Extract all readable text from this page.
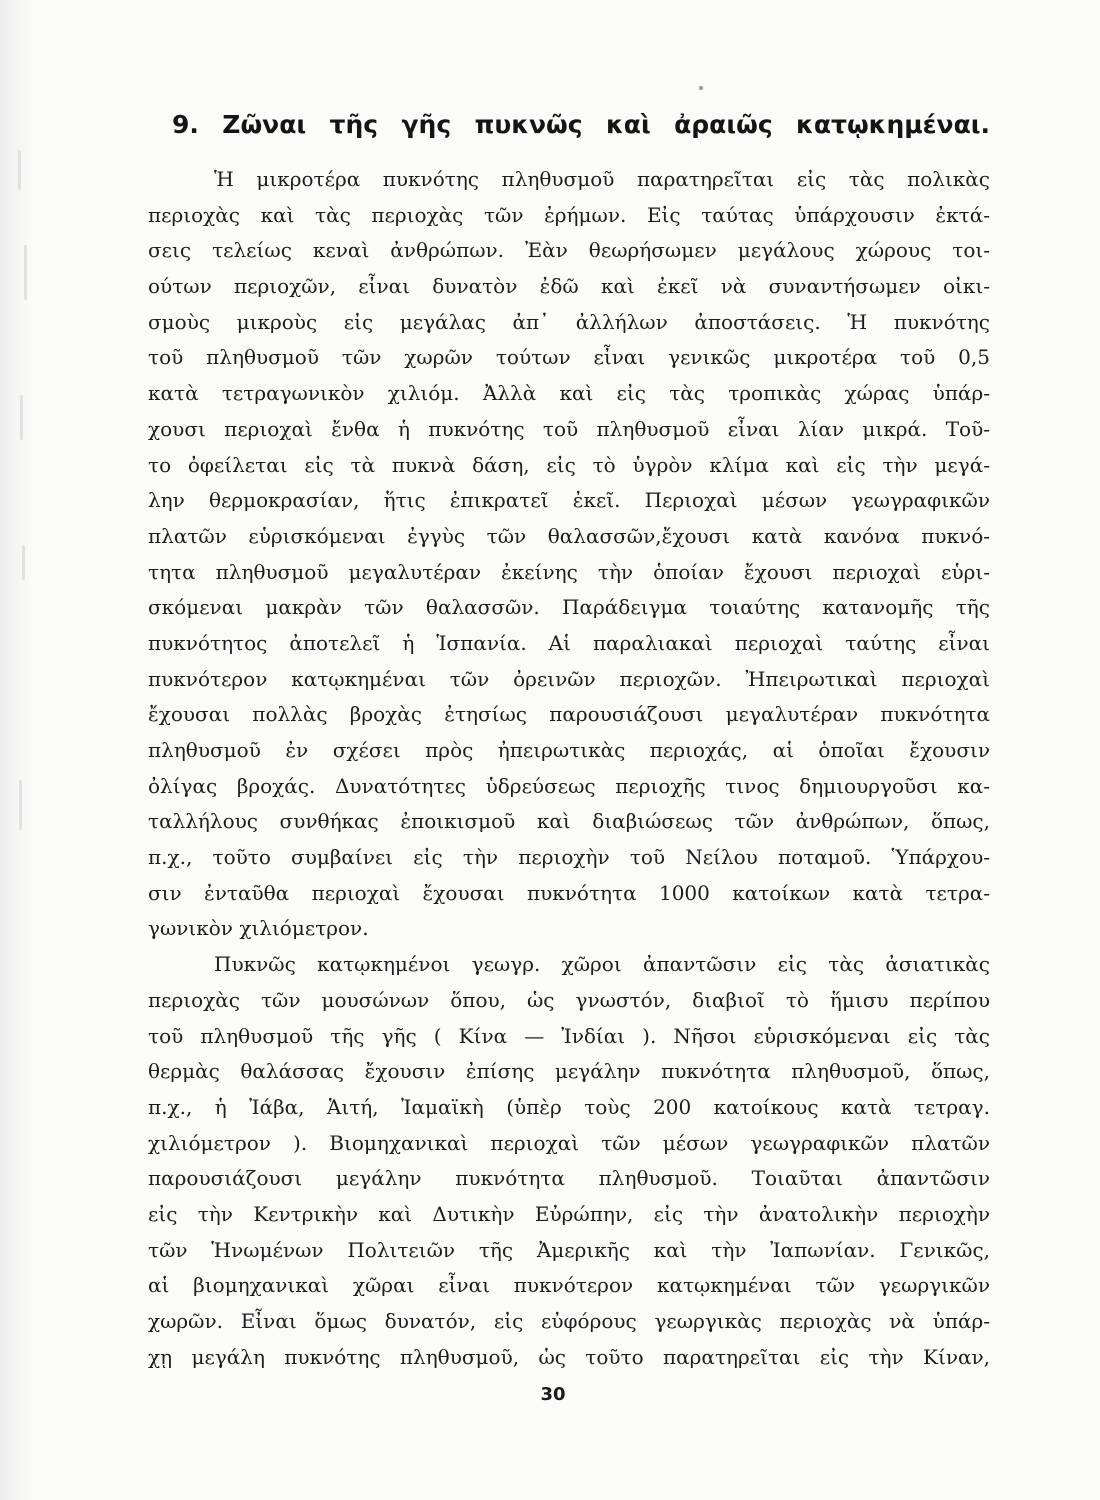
9. Ζῶναι τῆς γῆς πυκνῶς καὶ ἀραιῶς κατῳκημέναι.
Ἡ μικροτέρα πυκνότης πληθυσμοῦ παρατηρεῖται εἰς τὰς πολικὰς
περιοχὰς καὶ τὰς περιοχὰς τῶν ἐρήμων. Εἰς ταύτας ὑπάρχουσιν ἐκτά-
σεις τελείως κεναὶ ἀνθρώπων. Ἐὰν θεωρήσωμεν μεγάλους χώρους τοι-
ούτων περιοχῶν, εἶναι δυνατὸν ἐδῶ καὶ ἐκεῖ νὰ συναντήσωμεν οἰκι-
σμοὺς μικροὺς εἰς μεγάλας ἀπ᾽ ἀλλήλων ἀποστάσεις. Ἡ πυκνότης
τοῦ πληθυσμοῦ τῶν χωρῶν τούτων εἶναι γενικῶς μικροτέρα τοῦ 0,5
κατὰ τετραγωνικὸν χιλιόμ. Ἀλλὰ καὶ εἰς τὰς τροπικὰς χώρας ὑπάρ-
χουσι περιοχαὶ ἔνθα ἡ πυκνότης τοῦ πληθυσμοῦ εἶναι λίαν μικρά. Τοῦ-
το ὀφείλεται εἰς τὰ πυκνὰ δάση, εἰς τὸ ὑγρὸν κλίμα καὶ εἰς τὴν μεγά-
λην θερμοκρασίαν, ἥτις ἐπικρατεῖ ἐκεῖ. Περιοχαὶ μέσων γεωγραφικῶν
πλατῶν εὑρισκόμεναι ἐγγὺς τῶν θαλασσῶν,ἔχουσι κατὰ κανόνα πυκνό-
τητα πληθυσμοῦ μεγαλυτέραν ἐκείνης τὴν ὁποίαν ἔχουσι περιοχαὶ εὑρι-
σκόμεναι μακρὰν τῶν θαλασσῶν. Παράδειγμα τοιαύτης κατανομῆς τῆς
πυκνότητος ἀποτελεῖ ἡ Ἱσπανία. Αἱ παραλιακαὶ περιοχαὶ ταύτης εἶναι
πυκνότερον κατῳκημέναι τῶν ὀρεινῶν περιοχῶν. Ἠπειρωτικαὶ περιοχαὶ
ἔχουσαι πολλὰς βροχὰς ἐτησίως παρουσιάζουσι μεγαλυτέραν πυκνότητα
πληθυσμοῦ ἐν σχέσει πρὸς ἠπειρωτικὰς περιοχάς, αἱ ὁποῖαι ἔχουσιν
ὀλίγας βροχάς. Δυνατότητες ὑδρεύσεως περιοχῆς τινος δημιουργοῦσι κα-
ταλλήλους συνθήκας ἐποικισμοῦ καὶ διαβιώσεως τῶν ἀνθρώπων, ὅπως,
π.χ., τοῦτο συμβαίνει εἰς τὴν περιοχὴν τοῦ Νείλου ποταμοῦ. Ὑπάρχου-
σιν ἐνταῦθα περιοχαὶ ἔχουσαι πυκνότητα 1000 κατοίκων κατὰ τετρα-
γωνικὸν χιλιόμετρον.
Πυκνῶς κατῳκημένοι γεωγρ. χῶροι ἀπαντῶσιν εἰς τὰς ἀσιατικὰς
περιοχὰς τῶν μουσώνων ὅπου, ὡς γνωστόν, διαβιοῖ τὸ ἥμισυ περίπου
τοῦ πληθυσμοῦ τῆς γῆς ( Κίνα — Ἰνδίαι ). Νῆσοι εὑρισκόμεναι εἰς τὰς
θερμὰς θαλάσσας ἔχουσιν ἐπίσης μεγάλην πυκνότητα πληθυσμοῦ, ὅπως,
π.χ., ἡ Ἰάβα, Ἁιτή, Ἰαμαϊκὴ (ὑπὲρ τοὺς 200 κατοίκους κατὰ τετραγ.
χιλιόμετρον ). Βιομηχανικαὶ περιοχαὶ τῶν μέσων γεωγραφικῶν πλατῶν
παρουσιάζουσι μεγάλην πυκνότητα πληθυσμοῦ. Τοιαῦται ἀπαντῶσιν
εἰς τὴν Κεντρικὴν καὶ Δυτικὴν Εὐρώπην, εἰς τὴν ἀνατολικὴν περιοχὴν
τῶν Ἡνωμένων Πολιτειῶν τῆς Ἀμερικῆς καὶ τὴν Ἰαπωνίαν. Γενικῶς,
αἱ βιομηχανικαὶ χῶραι εἶναι πυκνότερον κατῳκημέναι τῶν γεωργικῶν
χωρῶν. Εἶναι ὅμως δυνατόν, εἰς εὐφόρους γεωργικὰς περιοχὰς νὰ ὑπάρ-
χῃ μεγάλη πυκνότης πληθυσμοῦ, ὡς τοῦτο παρατηρεῖται εἰς τὴν Κίναν,
30
